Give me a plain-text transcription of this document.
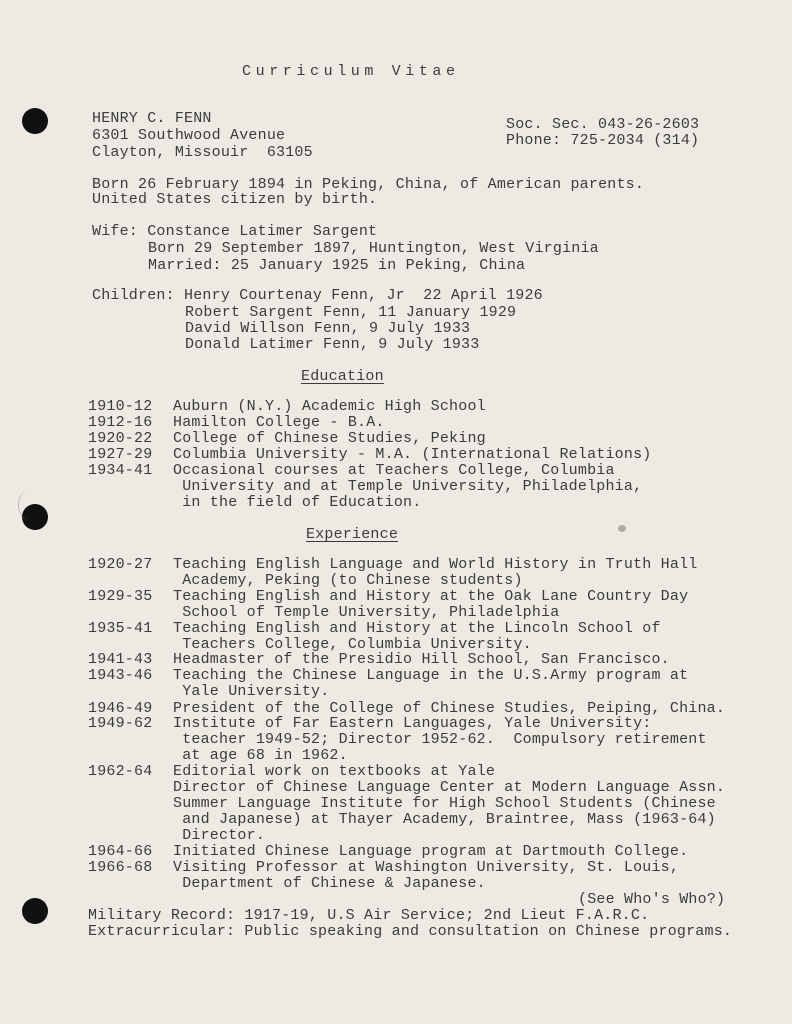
Curriculum Vitae
HENRY C. FENN
6301 Southwood Avenue
Clayton, Missouir  63105
Soc. Sec. 043-26-2603
Phone: 725-2034 (314)
Born 26 February 1894 in Peking, China, of American parents.
United States citizen by birth.
Wife: Constance Latimer Sargent
Born 29 September 1897, Huntington, West Virginia
Married: 25 January 1925 in Peking, China
Children: Henry Courtenay Fenn, Jr  22 April 1926
Robert Sargent Fenn, 11 January 1929
David Willson Fenn, 9 July 1933
Donald Latimer Fenn, 9 July 1933
Education
1910-12 Auburn (N.Y.) Academic High School
1912-16 Hamilton College - B.A.
1920-22 College of Chinese Studies, Peking
1927-29 Columbia University - M.A. (International Relations)
1934-41 Occasional courses at Teachers College, Columbia
University and at Temple University, Philadelphia,
in the field of Education.
Experience
1920-27 Teaching English Language and World History in Truth Hall
Academy, Peking (to Chinese students)
1929-35 Teaching English and History at the Oak Lane Country Day
School of Temple University, Philadelphia
1935-41 Teaching English and History at the Lincoln School of
Teachers College, Columbia University.
1941-43 Headmaster of the Presidio Hill School, San Francisco.
1943-46 Teaching the Chinese Language in the U.S.Army program at
Yale University.
1946-49 President of the College of Chinese Studies, Peiping, China.
1949-62 Institute of Far Eastern Languages, Yale University:
teacher 1949-52; Director 1952-62.  Compulsory retirement
at age 68 in 1962.
1962-64 Editorial work on textbooks at Yale
Director of Chinese Language Center at Modern Language Assn.
Summer Language Institute for High School Students (Chinese
and Japanese) at Thayer Academy, Braintree, Mass (1963-64)
Director.
1964-66 Initiated Chinese Language program at Dartmouth College.
1966-68 Visiting Professor at Washington University, St. Louis,
Department of Chinese & Japanese.
(See Who's Who?)
Military Record: 1917-19, U.S Air Service; 2nd Lieut F.A.R.C.
Extracurricular: Public speaking and consultation on Chinese programs.
